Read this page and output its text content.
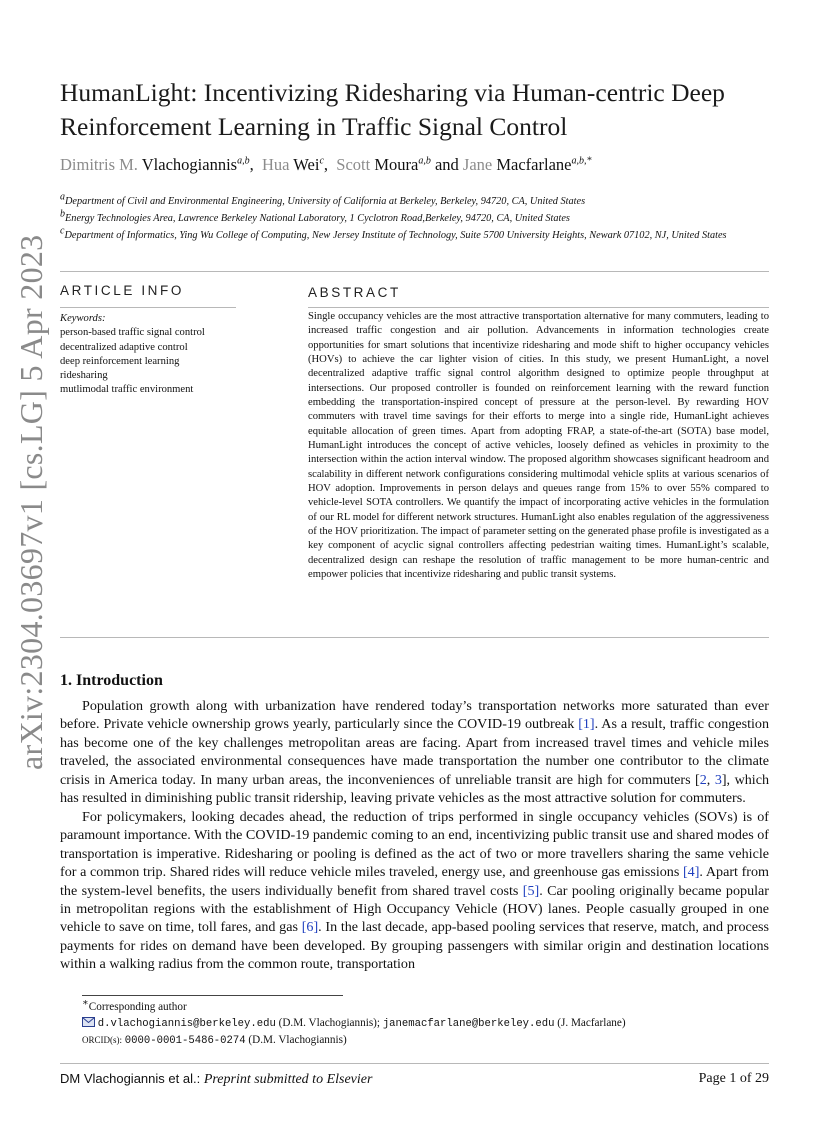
arXiv:2304.03697v1 [cs.LG] 5 Apr 2023
HumanLight: Incentivizing Ridesharing via Human-centric Deep Reinforcement Learning in Traffic Signal Control
Dimitris M. Vlachogiannis$^{a,b}$, Hua Wei$^c$, Scott Moura$^{a,b}$ and Jane Macfarlane$^{a,b,*}$
$^a$Department of Civil and Environmental Engineering, University of California at Berkeley, Berkeley, 94720, CA, United States
$^b$Energy Technologies Area, Lawrence Berkeley National Laboratory, 1 Cyclotron Road,Berkeley, 94720, CA, United States
$^c$Department of Informatics, Ying Wu College of Computing, New Jersey Institute of Technology, Suite 5700 University Heights, Newark 07102, NJ, United States
ARTICLE INFO	ABSTRACT
Keywords:
person-based traffic signal control
decentralized adaptive control
deep reinforcement learning
ridesharing
mutlimodal traffic environment
Single occupancy vehicles are the most attractive transportation alternative for many commuters, leading to increased traffic congestion and air pollution. Advancements in information technologies create opportunities for smart solutions that incentivize ridesharing and mode shift to higher occupancy vehicles (HOVs) to achieve the car lighter vision of cities. In this study, we present HumanLight, a novel decentralized adaptive traffic signal control algorithm designed to optimize people throughput at intersections. Our proposed controller is founded on reinforcement learning with the reward function embedding the transportation-inspired concept of pressure at the person-level. By rewarding HOV commuters with travel time savings for their efforts to merge into a single ride, HumanLight achieves equitable allocation of green times. Apart from adopting FRAP, a state-of-the-art (SOTA) base model, HumanLight introduces the concept of active vehicles, loosely defined as vehicles in proximity to the intersection within the action interval window. The proposed algorithm showcases significant headroom and scalability in different network configurations considering multimodal vehicle splits at various scenarios of HOV adoption. Improvements in person delays and queues range from 15% to over 55% compared to vehicle-level SOTA controllers. We quantify the impact of incorporating active vehicles in the formulation of our RL model for different network structures. HumanLight also enables regulation of the aggressiveness of the HOV prioritization. The impact of parameter setting on the generated phase profile is investigated as a key component of acyclic signal controllers affecting pedestrian waiting times. HumanLight’s scalable, decentralized design can reshape the resolution of traffic management to be more human-centric and empower policies that incentivize ridesharing and public transit systems.
1. Introduction

Population growth along with urbanization have rendered today’s transportation networks more saturated than ever before. Private vehicle ownership grows yearly, particularly since the COVID-19 outbreak [1]. As a result, traffic congestion has become one of the key challenges metropolitan areas are facing. Apart from increased travel times and vehicle miles traveled, the associated environmental consequences have made transportation the number one contributor to the climate crisis in America today. In many urban areas, the inconveniences of unreliable transit are high for commuters [2, 3], which has resulted in diminishing public transit ridership, leaving private vehicles as the most attractive solution for commuters.

For policymakers, looking decades ahead, the reduction of trips performed in single occupancy vehicles (SOVs) is of paramount importance. With the COVID-19 pandemic coming to an end, incentivizing public transit use and shared modes of transportation is imperative. Ridesharing or pooling is defined as the act of two or more travellers sharing the same vehicle for a common trip. Shared rides will reduce vehicle miles traveled, energy use, and greenhouse gas emissions [4]. Apart from the system-level benefits, the users individually benefit from shared travel costs [5]. Car pooling originally became popular in metropolitan regions with the establishment of High Occupancy Vehicle (HOV) lanes. People casually grouped in one vehicle to save on time, toll fares, and gas [6]. In the last decade, app-based pooling services that reserve, match, and process payments for rides on demand have been developed. By grouping passengers with similar origin and destination locations within a walking radius from the common route, transportation

∗Corresponding author
d.vlachogiannis@berkeley.edu (D.M. Vlachogiannis); janemacfarlane@berkeley.edu (J. Macfarlane)
ORCID(s): 0000-0001-5486-0274 (D.M. Vlachogiannis)
DM Vlachogiannis et al.: Preprint submitted to Elsevier	Page 1 of 29
